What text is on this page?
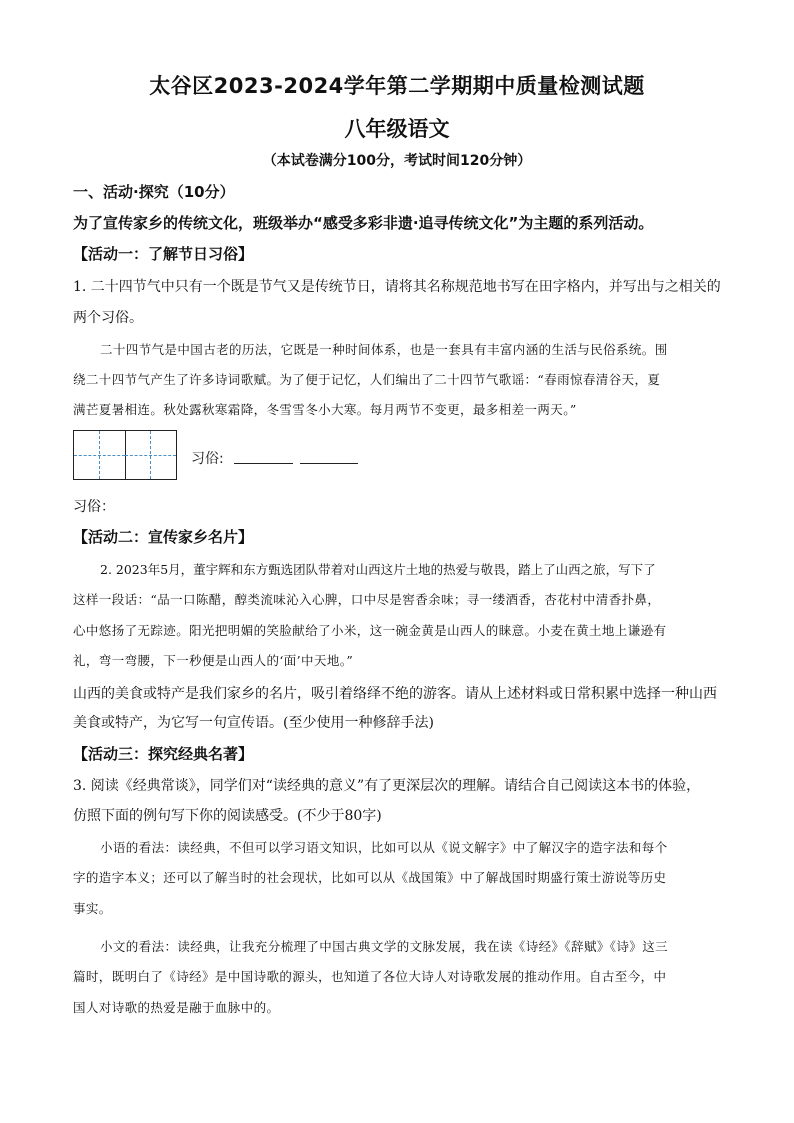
太谷区2023-2024学年第二学期期中质量检测试题
八年级语文
（本试卷满分100分，考试时间120分钟）
一、活动·探究（10分）
为了宣传家乡的传统文化，班级举办“感受多彩非遗·追寻传统文化”为主题的系列活动。
【活动一：了解节日习俗】
1. 二十四节气中只有一个既是节气又是传统节日，请将其名称规范地书写在田字格内，并写出与之相关的
两个习俗。
二十四节气是中国古老的历法，它既是一种时间体系，也是一套具有丰富内涵的生活与民俗系统。围
绕二十四节气产生了许多诗词歌赋。为了便于记忆，人们编出了二十四节气歌谣：“春雨惊春清谷天，夏
满芒夏暑相连。秋处露秋寒霜降，冬雪雪冬小大寒。每月两节不变更，最多相差一两天。”
习俗:
习俗：
【活动二：宣传家乡名片】
2. 2023年5月，董宇辉和东方甄选团队带着对山西这片土地的热爱与敬畏，踏上了山西之旅，写下了
这样一段话：“品一口陈醋，醇类流味沁入心脾，口中尽是窖香余味；寻一缕酒香，杏花村中清香扑鼻，
心中悠扬了无踪迹。阳光把明媚的笑脸献给了小米，这一碗金黄是山西人的睐意。小麦在黄土地上谦逊有
礼，弯一弯腰，下一秒便是山西人的‘面’中天地。”
山西的美食或特产是我们家乡的名片，吸引着络绎不绝的游客。请从上述材料或日常积累中选择一种山西
美食或特产，为它写一句宣传语。(至少使用一种修辞手法)
【活动三：探究经典名著】
3. 阅读《经典常谈》，同学们对“读经典的意义”有了更深层次的理解。请结合自己阅读这本书的体验，
仿照下面的例句写下你的阅读感受。(不少于80字)
小语的看法：读经典，不但可以学习语文知识，比如可以从《说文解字》中了解汉字的造字法和每个
字的造字本义；还可以了解当时的社会现状，比如可以从《战国策》中了解战国时期盛行策士游说等历史
事实。
小文的看法：读经典，让我充分梳理了中国古典文学的文脉发展，我在读《诗经》《辞赋》《诗》这三
篇时，既明白了《诗经》是中国诗歌的源头，也知道了各位大诗人对诗歌发展的推动作用。自古至今，中
国人对诗歌的热爱是融于血脉中的。
